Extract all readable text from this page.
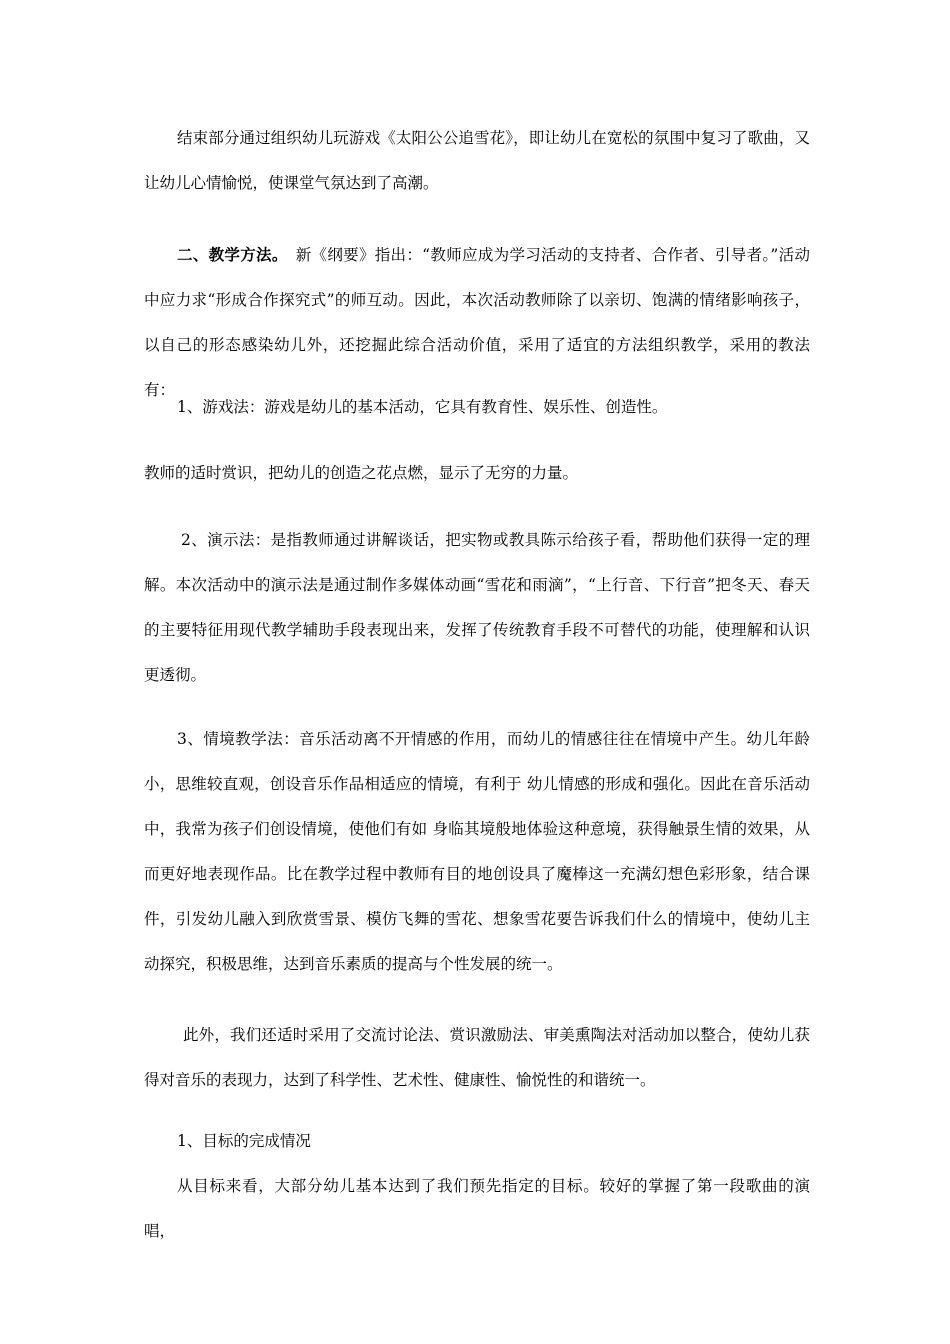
结束部分通过组织幼儿玩游戏《太阳公公追雪花》，即让幼儿在宽松的氛围中复习了歌曲，又让幼儿心情愉悦，使课堂气氛达到了高潮。

二、教学方法。　新《纲要》指出：“教师应成为学习活动的支持者、合作者、引导者。”活动中应力求“形成合作探究式”的师互动。因此，本次活动教师除了以亲切、饱满的情绪影响孩子，以自己的形态感染幼儿外，还挖掘此综合活动价值，采用了适宜的方法组织教学，采用的教法有：

1、游戏法：游戏是幼儿的基本活动，它具有教育性、娱乐性、创造性。

教师的适时赏识，把幼儿的创造之花点燃，显示了无穷的力量。

2、演示法：是指教师通过讲解谈话，把实物或教具陈示给孩子看，帮助他们获得一定的理解。本次活动中的演示法是通过制作多媒体动画“雪花和雨滴”，“上行音、下行音”把冬天、春天的主要特征用现代教学辅助手段表现出来，发挥了传统教育手段不可替代的功能，使理解和认识更透彻。

3、情境教学法：音乐活动离不开情感的作用，而幼儿的情感往往在情境中产生。幼儿年龄小，思维较直观，创设音乐作品相适应的情境，有利于 幼儿情感的形成和强化。因此在音乐活动中，我常为孩子们创设情境，使他们有如 身临其境般地体验这种意境，获得触景生情的效果，从而更好地表现作品。比在教学过程中教师有目的地创设具了魔棒这一充满幻想色彩形象，结合课件，引发幼儿融入到欣赏雪景、模仿飞舞的雪花、想象雪花要告诉我们什么的情境中，使幼儿主动探究，积极思维，达到音乐素质的提高与个性发展的统一。

此外，我们还适时采用了交流讨论法、赏识激励法、审美熏陶法对活动加以整合，使幼儿获得对音乐的表现力，达到了科学性、艺术性、健康性、愉悦性的和谐统一。

1、目标的完成情况

从目标来看，大部分幼儿基本达到了我们预先指定的目标。较好的掌握了第一段歌曲的演唱，
